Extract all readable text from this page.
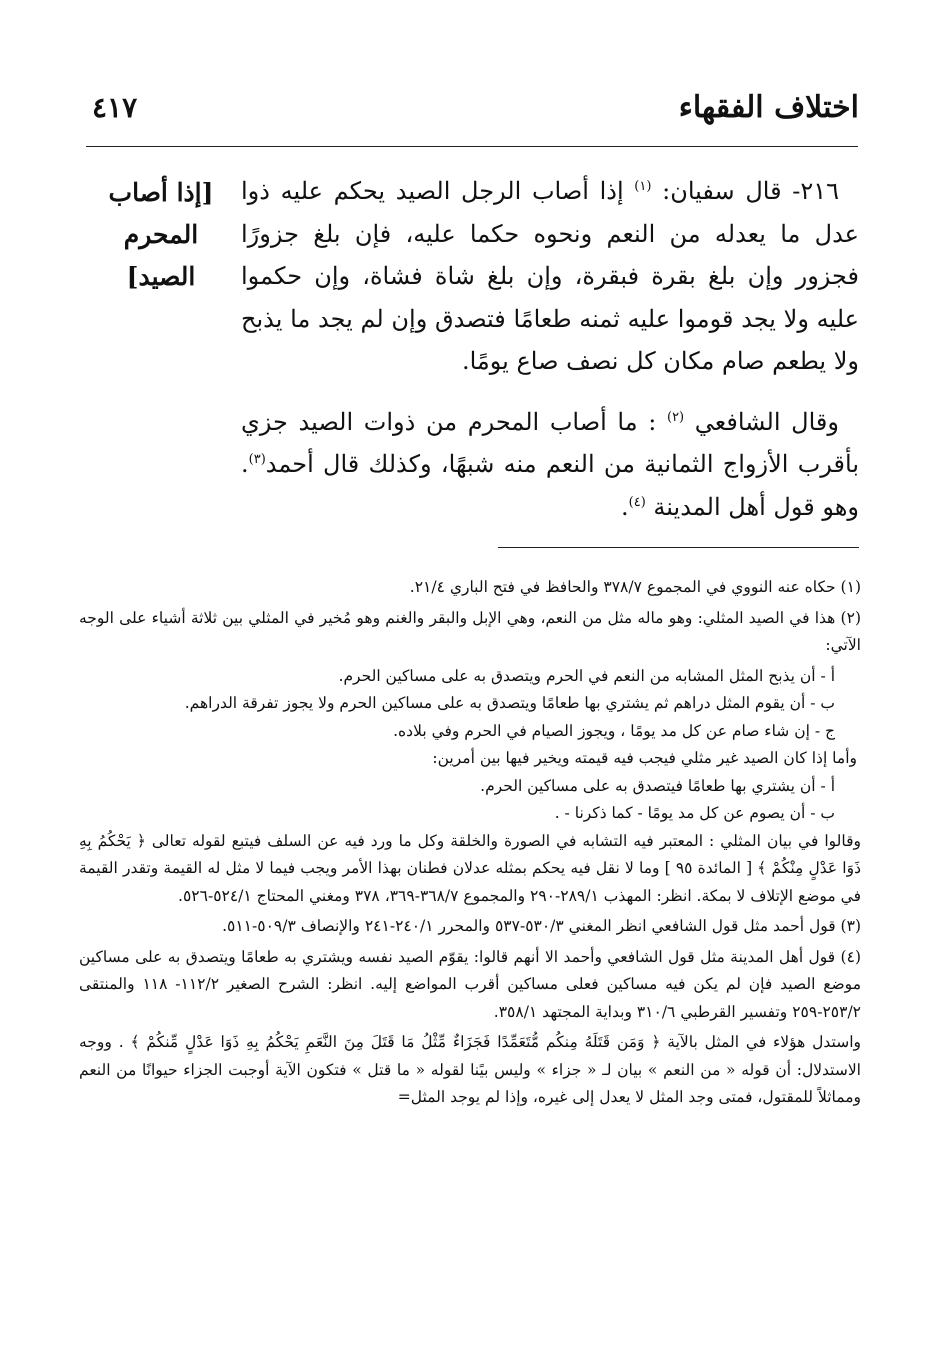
اختلاف الفقهاء
٤١٧
[إذا أصاب المحرم الصيد]

٢١٦- قال سفيان: $^{(١)}$ إذا أصاب الرجل الصيد يحكم عليه ذوا عدل ما يعدله من النعم ونحوه حكما عليه، فإن بلغ جزورًا فجزور وإن بلغ بقرة فبقرة، وإن بلغ شاة فشاة، وإن حكموا عليه ولا يجد قوموا عليه ثمنه طعامًا فتصدق وإن لم يجد ما يذبح ولا يطعم صام مكان كل نصف صاع يومًا.

وقال الشافعي $^{(٢)}$ : ما أصاب المحرم من ذوات الصيد جزي بأقرب الأزواج الثمانية من النعم منه شبهًا، وكذلك قال أحمد$^{(٣)}$. وهو قول أهل المدينة $^{(٤)}$.

(١) حكاه عنه النووي في المجموع ٣٧٨/٧ والحافظ في فتح الباري ٢١/٤.

(٢) هذا في الصيد المثلي: وهو ماله مثل من النعم، وهي الإبل والبقر والغنم وهو مُخير في المثلي بين ثلاثة أشياء على الوجه الآتي:

أ - أن يذبح المثل المشابه من النعم في الحرم ويتصدق به على مساكين الحرم.

ب - أن يقوم المثل دراهم ثم يشتري بها طعامًا ويتصدق به على مساكين الحرم ولا يجوز تفرقة الدراهم.

ج - إن شاء صام عن كل مد يومًا ، ويجوز الصيام في الحرم وفي بلاده.

وأما إذا كان الصيد غير مثلي فيجب فيه قيمته ويخير فيها بين أمرين:

أ - أن يشتري بها طعامًا فيتصدق به على مساكين الحرم.

ب - أن يصوم عن كل مد يومًا - كما ذكرنا - .

وقالوا في بيان المثلي : المعتبر فيه التشابه في الصورة والخلقة وكل ما ورد فيه عن السلف فيتبع لقوله تعالى ﴿ يَحْكُمُ بِهِ ذَوَا عَدْلٍ مِنْكُمْ ﴾ [ المائدة ٩٥ ] وما لا نقل فيه يحكم بمثله عدلان فطنان بهذا الأمر ويجب فيما لا مثل له القيمة وتقدر القيمة في موضع الإتلاف لا بمكة. انظر: المهذب ٢٨٩/١-٢٩٠ والمجموع ٣٦٨/٧-٣٦٩، ٣٧٨ ومغني المحتاج ٥٢٤/١-٥٢٦.

(٣) قول أحمد مثل قول الشافعي انظر المغني ٥٣٠/٣-٥٣٧ والمحرر ٢٤٠/١-٢٤١ والإنصاف ٥٠٩/٣-٥١١.

(٤) قول أهل المدينة مثل قول الشافعي وأحمد الا أنهم قالوا: يقوّم الصيد نفسه ويشتري به طعامًا ويتصدق به على مساكين موضع الصيد فإن لم يكن فيه مساكين فعلى مساكين أقرب المواضع إليه. انظر: الشرح الصغير ١١٢/٢- ١١٨ والمنتقى ٢٥٣/٢-٢٥٩ وتفسير القرطبي ٣١٠/٦ وبداية المجتهد ٣٥٨/١.

واستدل هؤلاء في المثل بالآية ﴿ وَمَن قَتَلَهُ مِنكُم مُّتَعَمِّدًا فَجَزَاءٌ مِّثْلُ مَا قَتَلَ مِنَ النَّعَمِ يَحْكُمُ بِهِ ذَوَا عَدْلٍ مِّنكُمْ ﴾ . ووجه الاستدلال: أن قوله « من النعم » بيان لـ « جزاء » وليس بيًنا لقوله « ما قتل » فتكون الآية أوجبت الجزاء حيوانًا من النعم ومماثلاً للمقتول، فمتى وجد المثل لا يعدل إلى غيره، وإذا لم يوجد المثل=
